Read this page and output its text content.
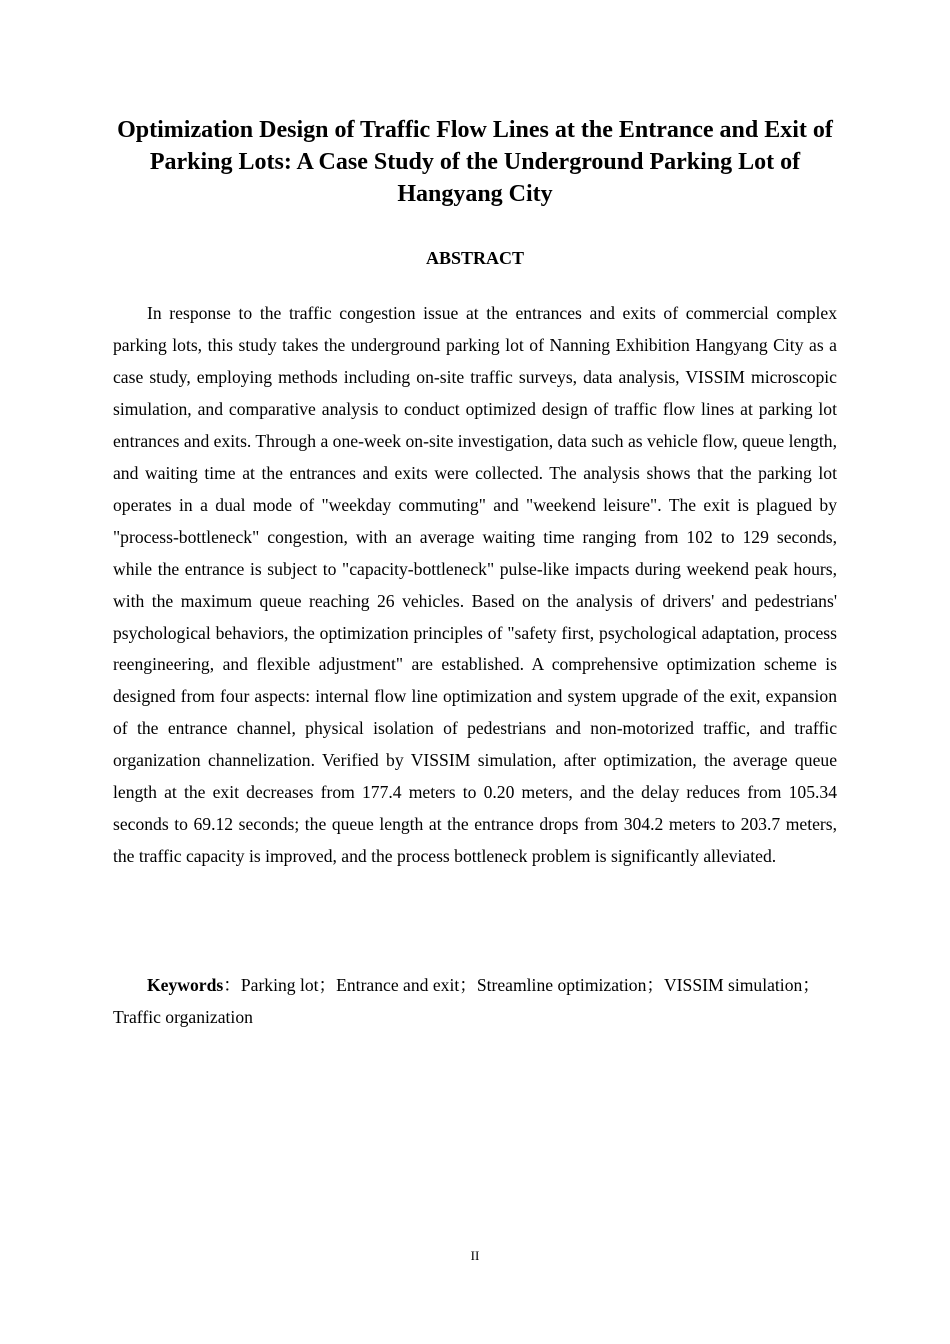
Optimization Design of Traffic Flow Lines at the Entrance and Exit of Parking Lots: A Case Study of the Underground Parking Lot of Hangyang City
ABSTRACT

In response to the traffic congestion issue at the entrances and exits of commercial complex parking lots, this study takes the underground parking lot of Nanning Exhibition Hangyang City as a case study, employing methods including on-site traffic surveys, data analysis, VISSIM microscopic simulation, and comparative analysis to conduct optimized design of traffic flow lines at parking lot entrances and exits. Through a one-week on-site investigation, data such as vehicle flow, queue length, and waiting time at the entrances and exits were collected. The analysis shows that the parking lot operates in a dual mode of "weekday commuting" and "weekend leisure". The exit is plagued by "process-bottleneck" congestion, with an average waiting time ranging from 102 to 129 seconds, while the entrance is subject to "capacity-bottleneck" pulse-like impacts during weekend peak hours, with the maximum queue reaching 26 vehicles. Based on the analysis of drivers' and pedestrians' psychological behaviors, the optimization principles of "safety first, psychological adaptation, process reengineering, and flexible adjustment" are established. A comprehensive optimization scheme is designed from four aspects: internal flow line optimization and system upgrade of the exit, expansion of the entrance channel, physical isolation of pedestrians and non-motorized traffic, and traffic organization channelization. Verified by VISSIM simulation, after optimization, the average queue length at the exit decreases from 177.4 meters to 0.20 meters, and the delay reduces from 105.34 seconds to 69.12 seconds; the queue length at the entrance drops from 304.2 meters to 203.7 meters, the traffic capacity is improved, and the process bottleneck problem is significantly alleviated.

Keywords：Parking lot；Entrance and exit；Streamline optimization；VISSIM simulation；Traffic organization

II
